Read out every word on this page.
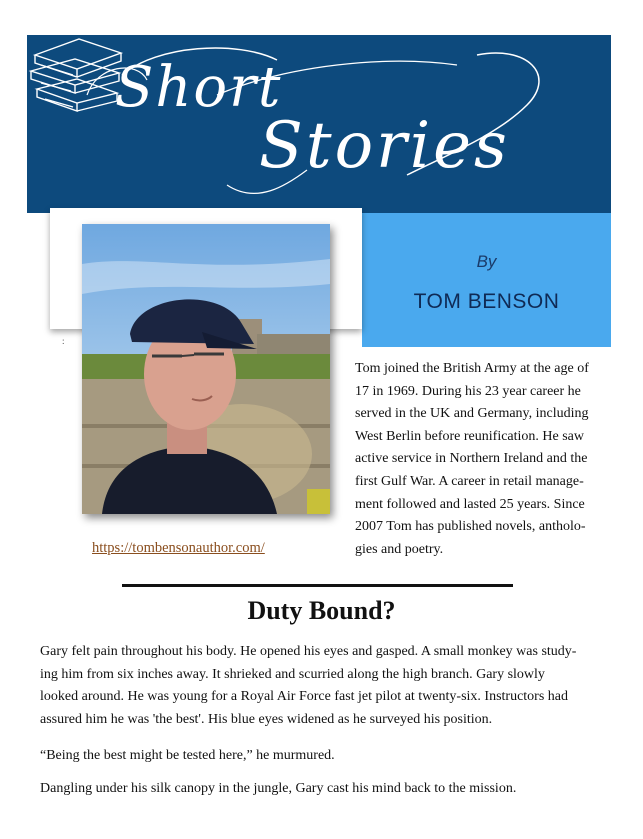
Short
Stories
By
TOM BENSON
:
Tom joined the British Army at the age of
17 in 1969. During his 23 year career he
served in the UK and Germany, including
West Berlin before reunification. He saw
active service in Northern Ireland and the
first Gulf War. A career in retail manage-
ment followed and lasted 25 years. Since
2007 Tom has published novels, antholo-
gies and poetry.
https://tombensonauthor.com/
Duty Bound?
Gary felt pain throughout his body. He opened his eyes and gasped. A small monkey was study-
ing him from six inches away. It shrieked and scurried along the high branch. Gary slowly
looked around. He was young for a Royal Air Force fast jet pilot at twenty-six. Instructors had
assured him he was 'the best'. His blue eyes widened as he surveyed his position.
“Being the best might be tested here,” he murmured.
Dangling under his silk canopy in the jungle, Gary cast his mind back to the mission.
